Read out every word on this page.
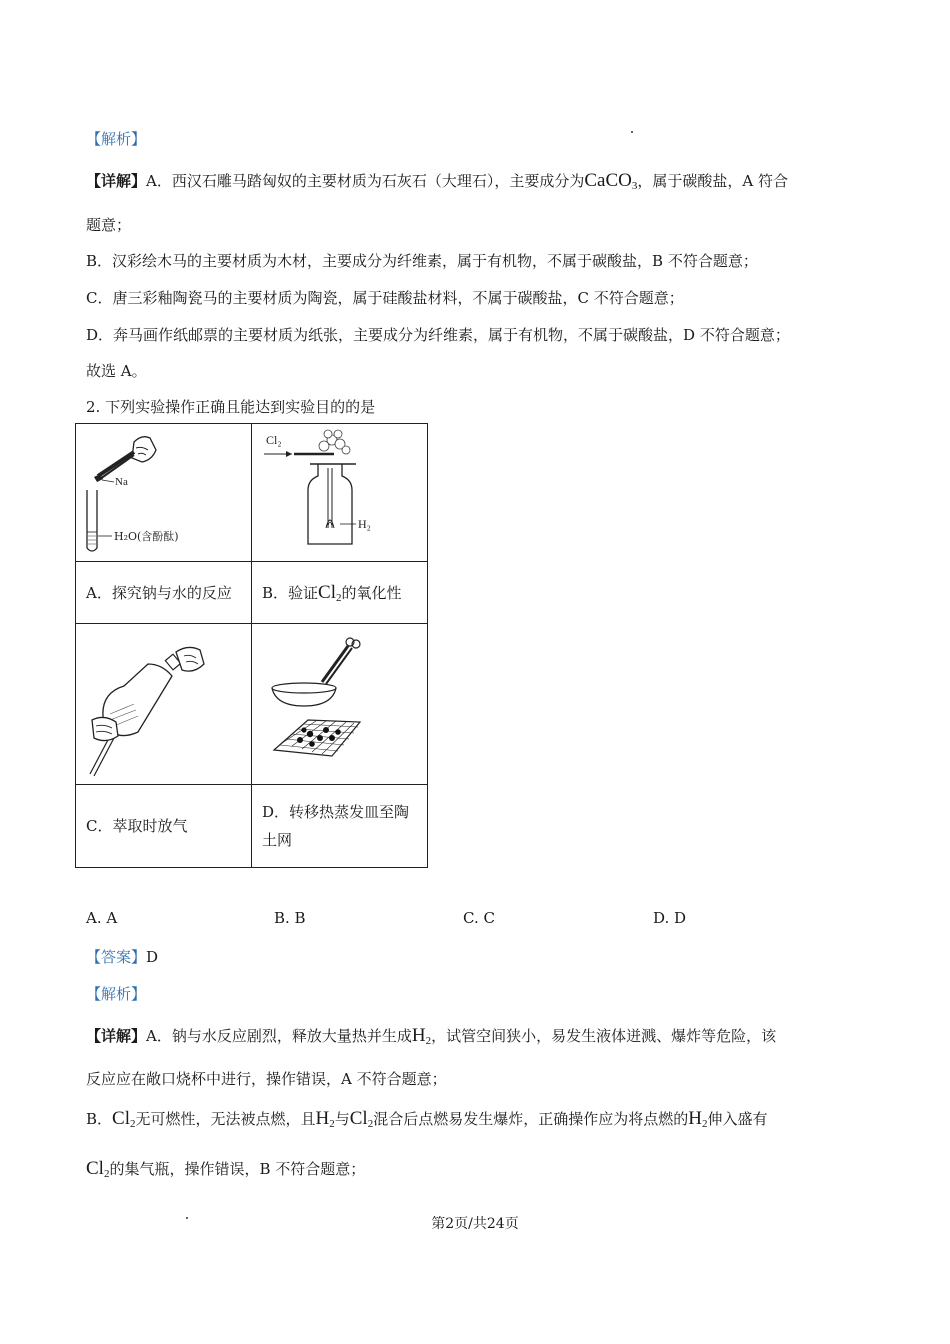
【解析】
【详解】A．西汉石雕马踏匈奴的主要材质为石灰石（大理石），主要成分为CaCO$_3$，属于碳酸盐，A 符合
题意；
B．汉彩绘木马的主要材质为木材，主要成分为纤维素，属于有机物，不属于碳酸盐，B 不符合题意；
C．唐三彩釉陶瓷马的主要材质为陶瓷，属于硅酸盐材料，不属于碳酸盐，C 不符合题意；
D．奔马画作纸邮票的主要材质为纸张，主要成分为纤维素，属于有机物，不属于碳酸盐，D 不符合题意；
故选 A。
2. 下列实验操作正确且能达到实验目的的是
Na
H₂O(含酚酞)	Cl₂
H₂

A．探究钠与水的反应	B．验证$Cl_2$的氧化性

C．萃取时放气	D．转移热蒸发皿至陶
土网
A. A	B. B	C. C	D. D
【答案】D
【解析】
【详解】A．钠与水反应剧烈，释放大量热并生成$H_2$，试管空间狭小，易发生液体迸溅、爆炸等危险，该
反应应在敞口烧杯中进行，操作错误，A 不符合题意；
B．$Cl_2$无可燃性，无法被点燃，且$H_2$与$Cl_2$混合后点燃易发生爆炸，正确操作应为将点燃的$H_2$伸入盛有
$Cl_2$的集气瓶，操作错误，B 不符合题意；
第2页/共24页
